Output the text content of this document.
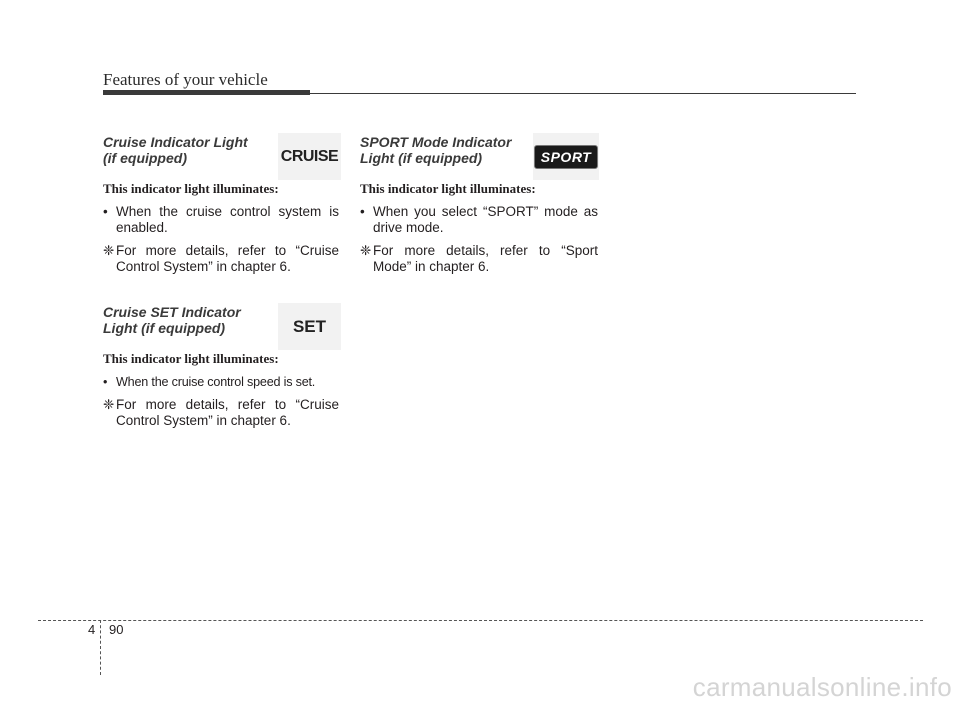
Features of your vehicle
Cruise Indicator Light
(if equipped)
This indicator light illuminates:
• When the cruise control system is enabled.
❈ For more details, refer to “Cruise Control System” in chapter 6.
CRUISE
Cruise SET Indicator
Light (if equipped)
This indicator light illuminates:
• When the cruise control speed is set.
❈ For more details, refer to “Cruise Control System” in chapter 6.
SET
SPORT Mode Indicator
Light (if equipped)
This indicator light illuminates:
• When you select “SPORT” mode as drive mode.
❈ For more details, refer to “Sport Mode” in chapter 6.
SPORT
4 90
carmanualsonline.info
